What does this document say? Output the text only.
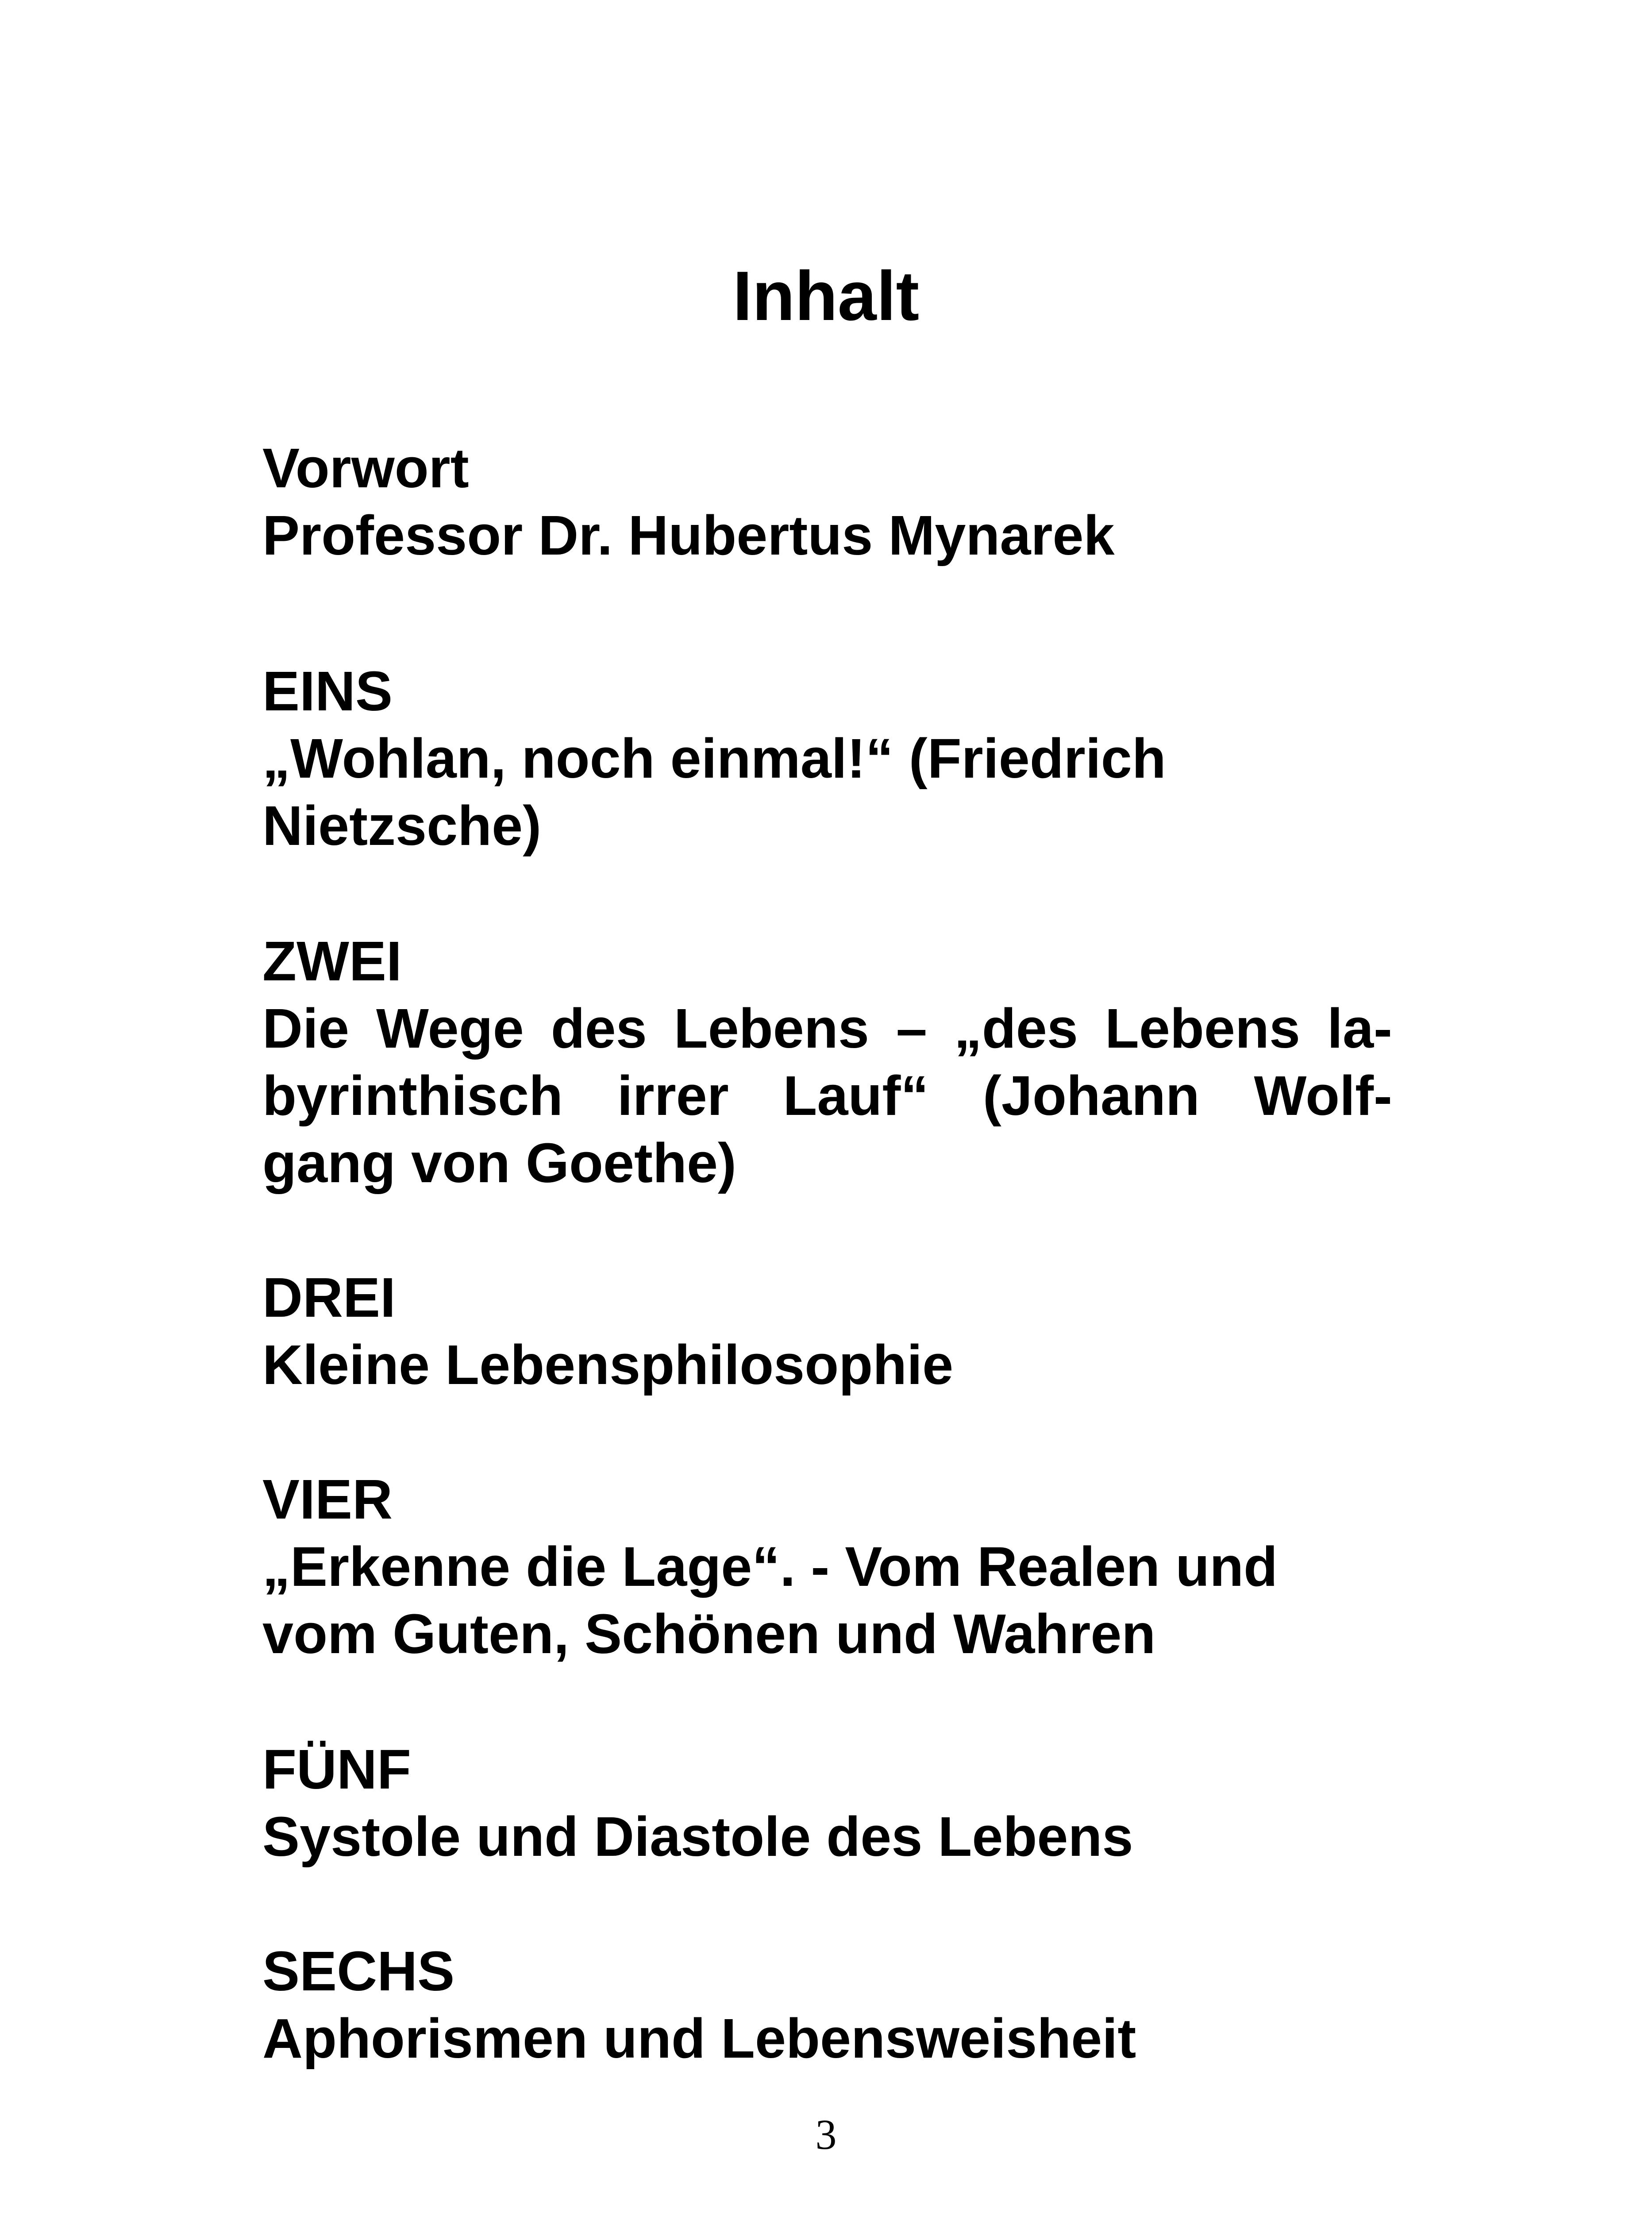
Inhalt
Vorwort
Professor Dr. Hubertus Mynarek
EINS
„Wohlan, noch einmal!“ (Friedrich
Nietzsche)
ZWEI
Die Wege des Lebens – „des Lebens la-
byrinthisch irrer Lauf“ (Johann Wolf-
gang von Goethe)
DREI
Kleine Lebensphilosophie
VIER
„Erkenne die Lage“. - Vom Realen und
vom Guten, Schönen und Wahren
FÜNF
Systole und Diastole des Lebens
SECHS
Aphorismen und Lebensweisheit
3
